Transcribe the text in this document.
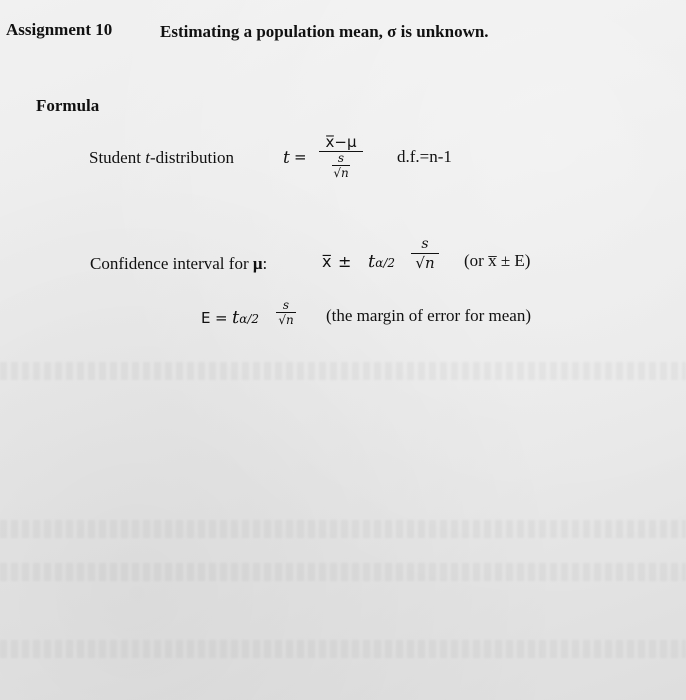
Assignment 10	Estimating a population mean, σ is unknown.
Formula
Student t-distribution	t =
x̅−μ
s
√n
d.f.=n-1
Confidence interval for μ:	x̅ ± tα/2
s
√n (or x̅ ± E)
E = tα/2
s
√n (the margin of error for mean)
